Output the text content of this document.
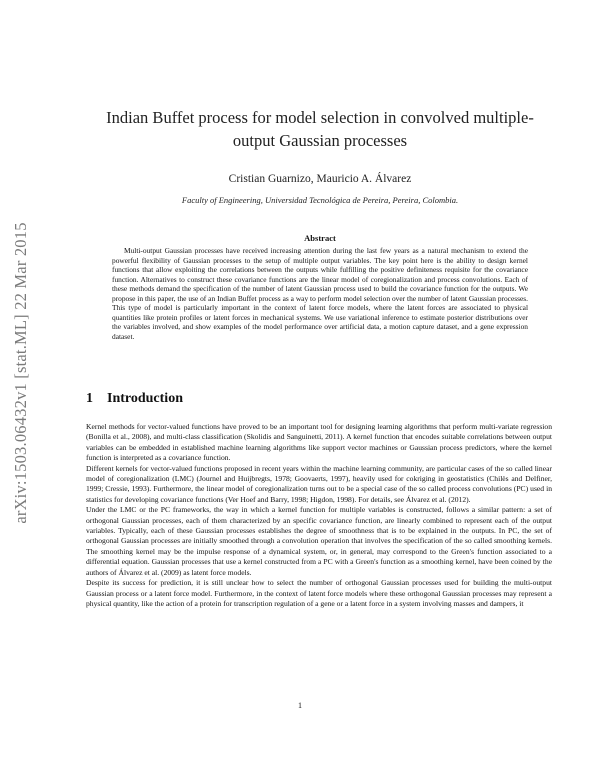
arXiv:1503.06432v1 [stat.ML] 22 Mar 2015
Indian Buffet process for model selection in convolved multiple-output Gaussian processes
Cristian Guarnizo, Mauricio A. Álvarez
Faculty of Engineering, Universidad Tecnológica de Pereira, Pereira, Colombia.
Abstract

Multi-output Gaussian processes have received increasing attention during the last few years as a natural mechanism to extend the powerful flexibility of Gaussian processes to the setup of multiple output variables. The key point here is the ability to design kernel functions that allow exploiting the correlations between the outputs while fulfilling the positive definiteness requisite for the covariance function. Alternatives to construct these covariance functions are the linear model of coregionalization and process convolutions. Each of these methods demand the specification of the number of latent Gaussian process used to build the covariance function for the outputs. We propose in this paper, the use of an Indian Buffet process as a way to perform model selection over the number of latent Gaussian processes. This type of model is particularly important in the context of latent force models, where the latent forces are associated to physical quantities like protein profiles or latent forces in mechanical systems. We use variational inference to estimate posterior distributions over the variables involved, and show examples of the model performance over artificial data, a motion capture dataset, and a gene expression dataset.

1 Introduction

Kernel methods for vector-valued functions have proved to be an important tool for designing learning algorithms that perform multi-variate regression (Bonilla et al., 2008), and multi-class classification (Skolidis and Sanguinetti, 2011). A kernel function that encodes suitable correlations between output variables can be embedded in established machine learning algorithms like support vector machines or Gaussian process predictors, where the kernel function is interpreted as a covariance function.

Different kernels for vector-valued functions proposed in recent years within the machine learning community, are particular cases of the so called linear model of coregionalization (LMC) (Journel and Huijbregts, 1978; Goovaerts, 1997), heavily used for cokriging in geostatistics (Chilès and Delfiner, 1999; Cressie, 1993). Furthermore, the linear model of coregionalization turns out to be a special case of the so called process convolutions (PC) used in statistics for developing covariance functions (Ver Hoef and Barry, 1998; Higdon, 1998). For details, see Álvarez et al. (2012).

Under the LMC or the PC frameworks, the way in which a kernel function for multiple variables is constructed, follows a similar pattern: a set of orthogonal Gaussian processes, each of them characterized by an specific covariance function, are linearly combined to represent each of the output variables. Typically, each of these Gaussian processes establishes the degree of smoothness that is to be explained in the outputs. In PC, the set of orthogonal Gaussian processes are initially smoothed through a convolution operation that involves the specification of the so called smoothing kernels. The smoothing kernel may be the impulse response of a dynamical system, or, in general, may correspond to the Green's function associated to a differential equation. Gaussian processes that use a kernel constructed from a PC with a Green's function as a smoothing kernel, have been coined by the authors of Álvarez et al. (2009) as latent force models.

Despite its success for prediction, it is still unclear how to select the number of orthogonal Gaussian processes used for building the multi-output Gaussian process or a latent force model. Furthermore, in the context of latent force models where these orthogonal Gaussian processes may represent a physical quantity, like the action of a protein for transcription regulation of a gene or a latent force in a system involving masses and dampers, it

1
